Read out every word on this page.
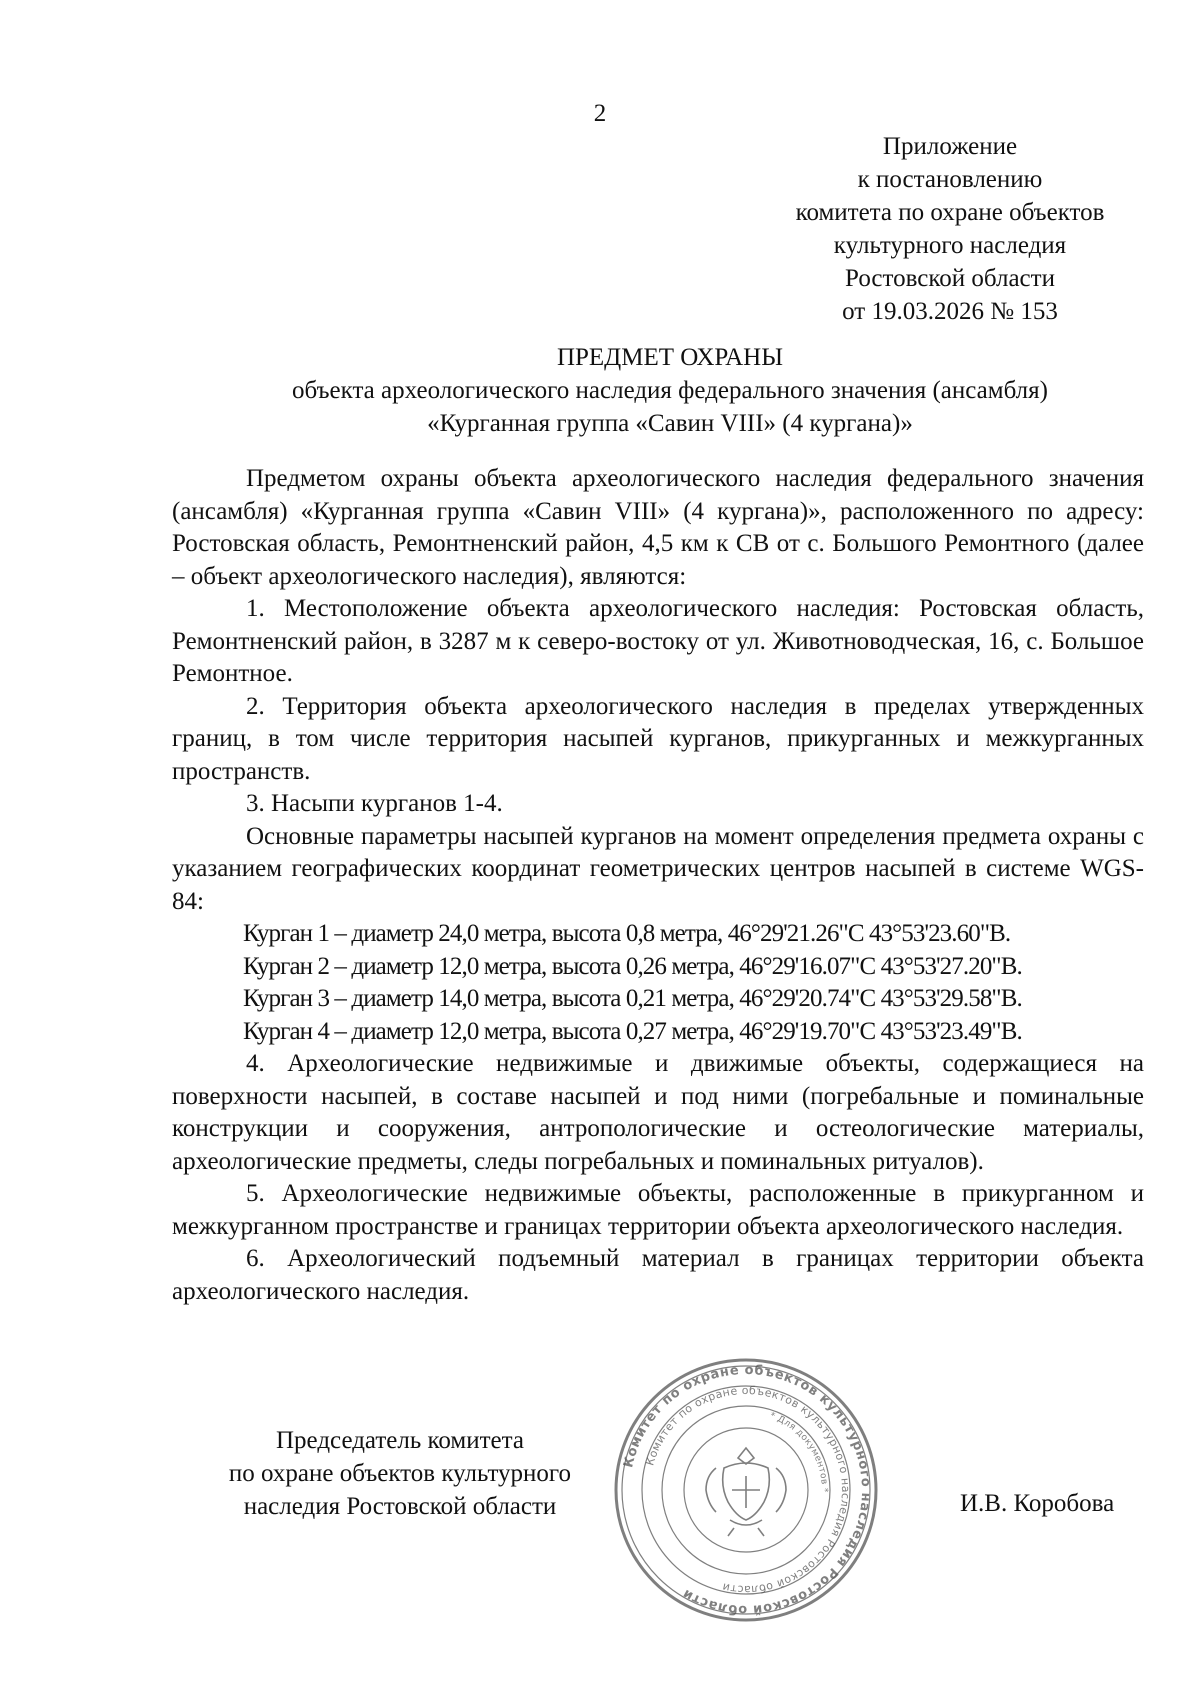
2
Приложение
к постановлению
комитета по охране объектов
культурного наследия
Ростовской области
от 19.03.2026 № 153
ПРЕДМЕТ ОХРАНЫ
объекта археологического наследия федерального значения (ансамбля)
«Курганная группа «Савин VIII» (4 кургана)»

Предметом охраны объекта археологического наследия федерального значения (ансамбля) «Курганная группа «Савин VIII» (4 кургана)», расположенного по адресу: Ростовская область, Ремонтненский район, 4,5 км к СВ от с. Большого Ремонтного (далее – объект археологического наследия), являются:

1. Местоположение объекта археологического наследия: Ростовская область, Ремонтненский район, в 3287 м к северо-востоку от ул. Животноводческая, 16, с. Большое Ремонтное.

2. Территория объекта археологического наследия в пределах утвержденных границ, в том числе территория насыпей курганов, прикурганных и межкурганных пространств.

3. Насыпи курганов 1-4.

Основные параметры насыпей курганов на момент определения предмета охраны с указанием географических координат геометрических центров насыпей в системе WGS-84:

Курган 1 – диаметр 24,0 метра, высота 0,8 метра, 46°29'21.26"С 43°53'23.60"В.

Курган 2 – диаметр 12,0 метра, высота 0,26 метра, 46°29'16.07"С 43°53'27.20"В.

Курган 3 – диаметр 14,0 метра, высота 0,21 метра, 46°29'20.74"С 43°53'29.58"В.

Курган 4 – диаметр 12,0 метра, высота 0,27 метра, 46°29'19.70"С 43°53'23.49"В.

4. Археологические недвижимые и движимые объекты, содержащиеся на поверхности насыпей, в составе насыпей и под ними (погребальные и поминальные конструкции и сооружения, антропологические и остеологические материалы, археологические предметы, следы погребальных и поминальных ритуалов).

5. Археологические недвижимые объекты, расположенные в прикурганном и межкурганном пространстве и границах территории объекта археологического наследия.

6. Археологический подъемный материал в границах территории объекта археологического наследия.

Председатель комитета
по охране объектов культурного
наследия Ростовской области
Комитет по охране объектов культурного наследия Ростовской области
Комитет по охране объектов культурного наследия Ростовской области
* Для документов *	И.В. Коробова
